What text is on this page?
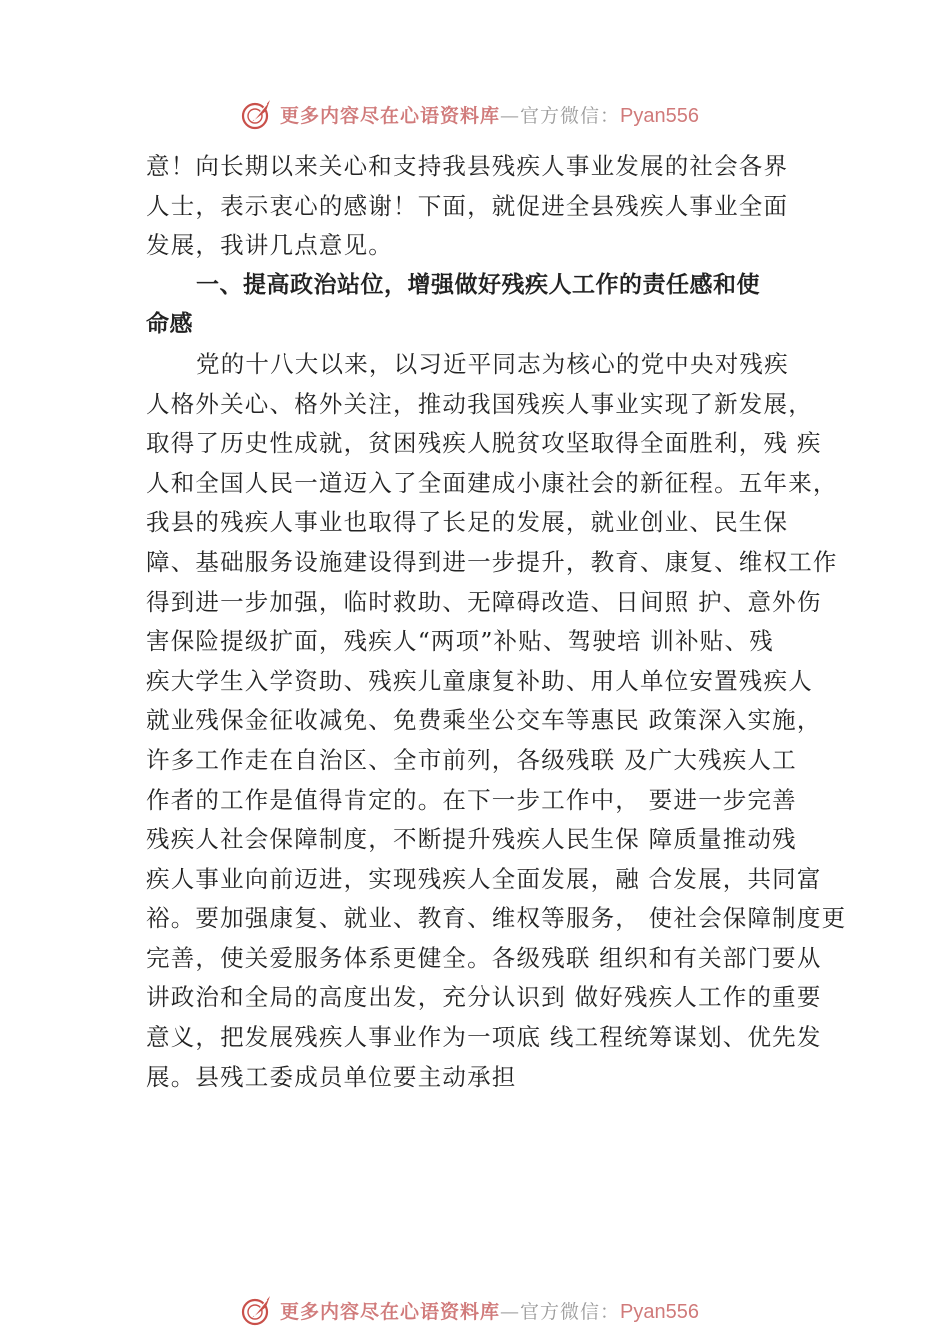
更多内容尽在心语资料库—官方微信：Pyan556
意！向长期以来关心和支持我县残疾人事业发展的社会各界
人士，表示衷心的感谢！下面，就促进全县残疾人事业全面
发展，我讲几点意见。
一、提高政治站位，增强做好残疾人工作的责任感和使
命感
党的十八大以来，以习近平同志为核心的党中央对残疾
人格外关心、格外关注，推动我国残疾人事业实现了新发展，
取得了历史性成就，贫困残疾人脱贫攻坚取得全面胜利，残 疾
人和全国人民一道迈入了全面建成小康社会的新征程。五年来，
我县的残疾人事业也取得了长足的发展，就业创业、民生保
障、基础服务设施建设得到进一步提升，教育、康复、维权工作
得到进一步加强，临时救助、无障碍改造、日间照 护、意外伤
害保险提级扩面，残疾人“两项”补贴、驾驶培 训补贴、残
疾大学生入学资助、残疾儿童康复补助、用人单位安置残疾人
就业残保金征收减免、免费乘坐公交车等惠民 政策深入实施，
许多工作走在自治区、全市前列，各级残联 及广大残疾人工
作者的工作是值得肯定的。在下一步工作中， 要进一步完善
残疾人社会保障制度，不断提升残疾人民生保 障质量推动残
疾人事业向前迈进，实现残疾人全面发展，融 合发展，共同富
裕。要加强康复、就业、教育、维权等服务， 使社会保障制度更
完善，使关爱服务体系更健全。各级残联 组织和有关部门要从
讲政治和全局的高度出发，充分认识到 做好残疾人工作的重要
意义，把发展残疾人事业作为一项底 线工程统筹谋划、优先发
展。县残工委成员单位要主动承担
更多内容尽在心语资料库—官方微信：Pyan556
